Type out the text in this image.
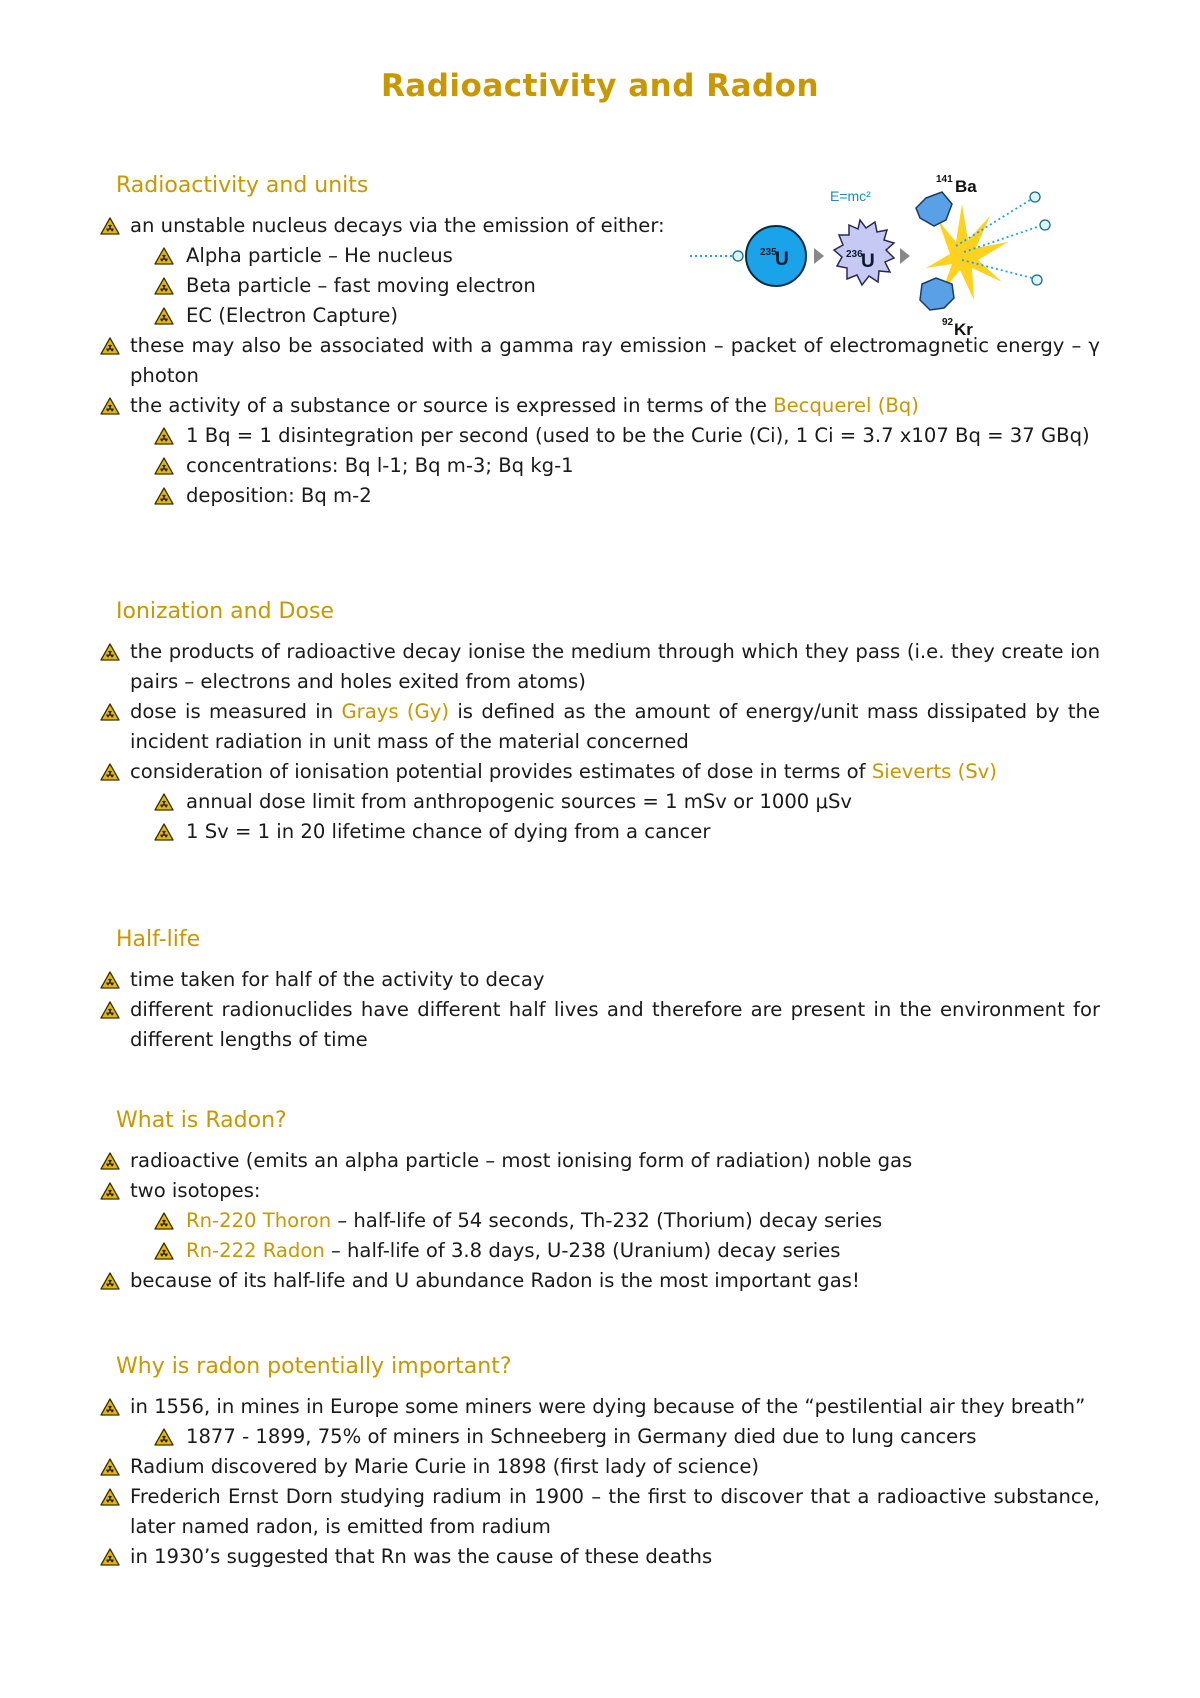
Radioactivity and Radon
235
U
E=mc²
236
U
141 Ba
92 Kr
Radioactivity and units
an unstable nucleus decays via the emission of either:
Alpha particle – He nucleus
Beta particle – fast moving electron
EC (Electron Capture)
these may also be associated with a gamma ray emission – packet of electromagnetic energy – γ photon
the activity of a substance or source is expressed in terms of the Becquerel (Bq)
1 Bq = 1 disintegration per second (used to be the Curie (Ci), 1 Ci = 3.7 x107 Bq = 37 GBq)
concentrations: Bq l-1; Bq m-3; Bq kg-1
deposition: Bq m-2
Ionization and Dose
the products of radioactive decay ionise the medium through which they pass (i.e. they create ion pairs – electrons and holes exited from atoms)
dose is measured in Grays (Gy) is defined as the amount of energy/unit mass dissipated by the incident radiation in unit mass of the material concerned
consideration of ionisation potential provides estimates of dose in terms of Sieverts (Sv)
annual dose limit from anthropogenic sources = 1 mSv or 1000 μSv
1 Sv = 1 in 20 lifetime chance of dying from a cancer
Half-life
time taken for half of the activity to decay
different radionuclides have different half lives and therefore are present in the environment for different lengths of time
What is Radon?
radioactive (emits an alpha particle – most ionising form of radiation) noble gas
two isotopes:
Rn-220 Thoron – half-life of 54 seconds, Th-232 (Thorium) decay series
Rn-222 Radon – half-life of 3.8 days, U-238 (Uranium) decay series
because of its half-life and U abundance Radon is the most important gas!
Why is radon potentially important?
in 1556, in mines in Europe some miners were dying because of the “pestilential air they breath”
1877 - 1899, 75% of miners in Schneeberg in Germany died due to lung cancers
Radium discovered by Marie Curie in 1898 (first lady of science)
Frederich Ernst Dorn studying radium in 1900 – the first to discover that a radioactive substance, later named radon, is emitted from radium
in 1930’s suggested that Rn was the cause of these deaths
